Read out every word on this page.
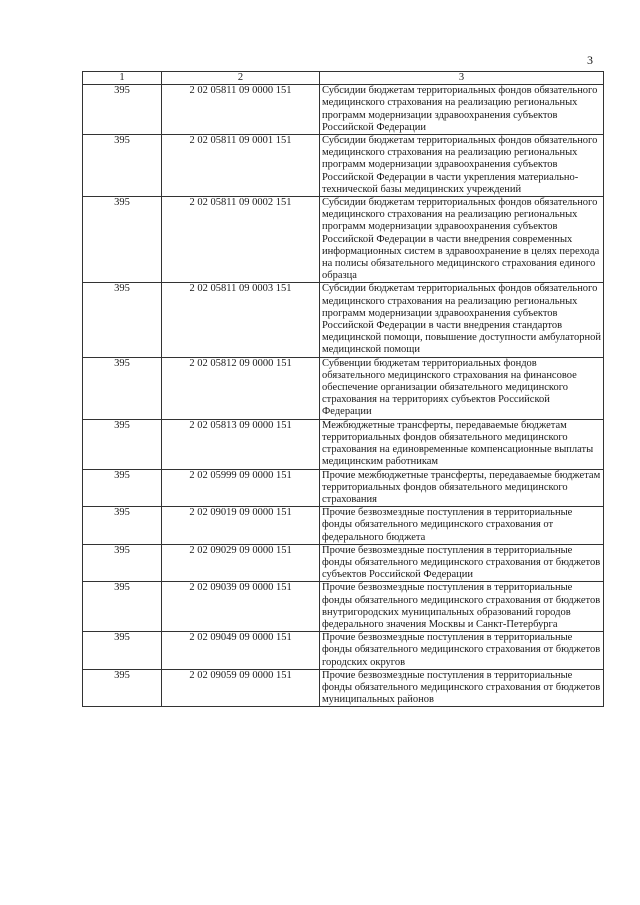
3
1	2	3
395	2 02 05811 09 0000 151	Субсидии бюджетам территориальных фондов обязательного медицинского страхования на реализацию региональных программ модернизации здравоохранения субъектов Российской Федерации
395	2 02 05811 09 0001 151	Субсидии бюджетам территориальных фондов обязательного медицинского страхования на реализацию региональных программ модернизации здравоохранения субъектов Российской Федерации в части укрепления материально-технической базы медицинских учреждений
395	2 02 05811 09 0002 151	Субсидии бюджетам территориальных фондов обязательного медицинского страхования на реализацию региональных программ модернизации здравоохранения субъектов Российской Федерации в части внедрения современных информационных систем в здравоохранение в целях перехода на полисы обязательного медицинского страхования единого образца
395	2 02 05811 09 0003 151	Субсидии бюджетам территориальных фондов обязательного медицинского страхования на реализацию региональных программ модернизации здравоохранения субъектов Российской Федерации в части внедрения стандартов медицинской помощи, повышение доступности амбулаторной медицинской помощи
395	2 02 05812 09 0000 151	Субвенции бюджетам территориальных фондов обязательного медицинского страхования на финансовое обеспечение организации обязательного медицинского страхования на территориях субъектов Российской Федерации
395	2 02 05813 09 0000 151	Межбюджетные трансферты, передаваемые бюджетам территориальных фондов обязательного медицинского страхования на единовременные компенсационные выплаты медицинским работникам
395	2 02 05999 09 0000 151	Прочие межбюджетные трансферты, передаваемые бюджетам территориальных фондов обязательного медицинского страхования
395	2 02 09019 09 0000 151	Прочие безвозмездные поступления в территориальные фонды обязательного медицинского страхования от федерального бюджета
395	2 02 09029 09 0000 151	Прочие безвозмездные поступления в территориальные фонды обязательного медицинского страхования от бюджетов субъектов Российской Федерации
395	2 02 09039 09 0000 151	Прочие безвозмездные поступления в территориальные фонды обязательного медицинского страхования от бюджетов внутригородских муниципальных образований городов федерального значения Москвы и Санкт-Петербурга
395	2 02 09049 09 0000 151	Прочие безвозмездные поступления в территориальные фонды обязательного медицинского страхования от бюджетов городских округов
395	2 02 09059 09 0000 151	Прочие безвозмездные поступления в территориальные фонды обязательного медицинского страхования от бюджетов муниципальных районов
